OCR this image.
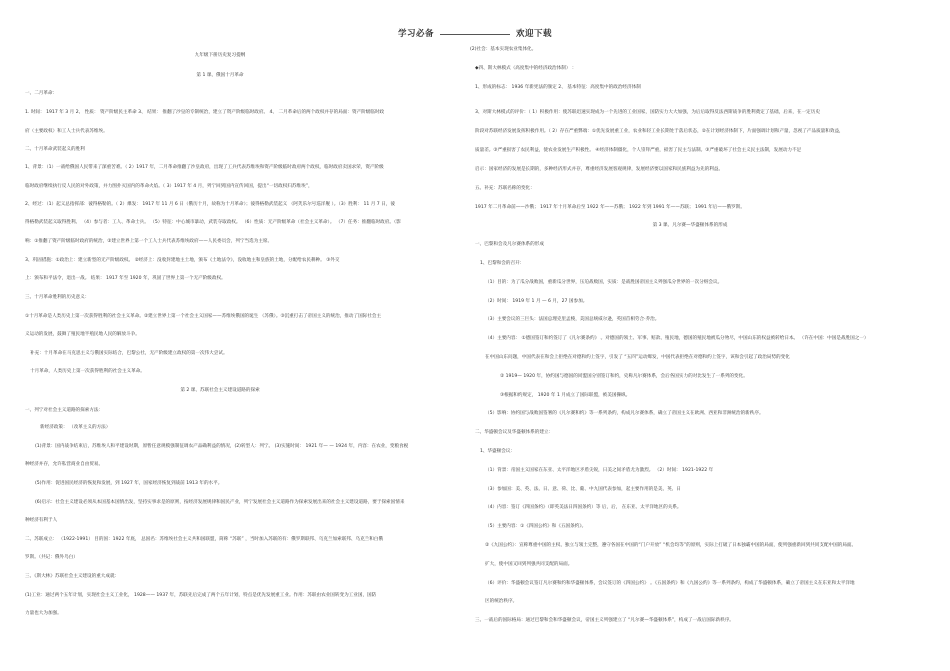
学习必备	欢迎下载
九年级下册历史复习提纲
第 1 课、俄国十月革命
一、二月革命：
1. 时间： 1917 年 3 月 2、 性质： 资产阶级民主革命 3、 结果： 推翻了沙皇的专制统治，建立了资产阶级临时政府。 4、 二月革命后的两个政权并存的局面：资产阶级临时政
府（主要政权）和工人士兵代表苏维埃。
二、十月革命武装起义的胜利
1、背景：（1）一战给俄国人民带来了深重苦难。（ 2）1917 年，二月革命推翻了沙皇政府，出现了工兵代表苏维埃和资产阶级临时政府两个政权，临时政府卖国求荣，资产阶级
临时政府继续执行反人民的对外政策，并力图扑灭国内的革命火焰。（ 3）1917 年 4 月，列宁回到国内宣传回国，提出“一切政权归苏维埃”，
2、经过：（1）起义总指挥部：彼得格勒的。（ 2）爆发： 1917 年 11 月 6 日（俄历十月，故称为十月革命）；彼得格勒武装起义 （阿芙乐尔号巡洋舰 ）。（3）胜利： 11 月 7 日，彼
得格勒武装起义取得胜利。 （4）参与者：工人、革命士兵。 （5）特征：中心城市暴动，武装夺取政权。 （6）性质：无产阶级革命（社会主义革命）。 （7）任务：推翻临时政府。（影
响：①推翻了资产阶级临时政府的统治，②建立世界上第一个工人士兵代表苏维埃政府——人民委员会，列宁当选为主席。
3、巩固措施：①政治上：建立新型的无产阶级政权。 ②经济上：没收封建地主土地，颁布《土地法令》，没收地主和皇族的土地，分配给农民耕种。 ③外交
上：颁布和平法令，退出一战。 结果： 1917 年至 1920 年，巩固了世界上第一个无产阶级政权。
三、十月革命胜利的历史意义：
①十月革命是人类历史上第一次获得胜利的社会主义革命。②建立世界上第一个社会主义国家——苏维埃俄国的诞生 （苏俄）。③沉重打击了帝国主义的统治，推动了国际社会主
义运动的发展，鼓舞了殖民地半殖民地人民的解放斗争。
补充：十月革命在马克思主义与俄国实际结合，巴黎公社，无产阶级建立政权的第一次伟大尝试。
十月革命，人类历史上第一次获得胜利的社会主义革命。
第 2 课、苏联社会主义建设道路的探索
一、列宁对社会主义道路的探索方法：
新经济政策： （改革主义的方法）
(1)背景：国内战争结束后，苏维埃人和平建设时期，原暂任意规模强制征调农产品确利益的情况，(2)转型人：列宁。 (3)实施时间： 1921 年— — 1924 年，内容：在农业，变粮食税
种经济并存，允许私营商业自由贸易。
(5)作用：促进国民经济的恢复和发展，到 1927 年，国家经济恢复到战前 1913 年的水平。
(6)启示：社会主义建设必须从本国基本国情出发，坚持实事求是的原则，按经济发展规律和国民产业，列宁发展社会主义道路作为探索发展出来的社会主义建设道路，要于探索国情来
种经济有利于人
二、苏联成立： （1922-1991） 目的国：1922 年底， 总国名：苏维埃社会主义共和国联盟，简称 “苏联” ，当时加入苏联的有：俄罗斯联邦、乌克兰加索联邦、乌克兰和白俄
罗斯。（共记：俄外乌白）
三、《斯大林》苏联社会主义建设的重大成就：
(1)工业：通过两个五年计划，实现社会主义工业化， 1928—— 1937 年，苏联先后完成了两个五年计划，特点是优先发展重工业。作用：苏联由农业国转变为工业国，国防
力量也大为加强。
(2)社会：基本实现农业集体化。
◆四、斯大林模式（高度集中的经济政治体制） ：
1、形成的标志： 1936 年新宪法的颁定 2、 基本特征：高度集中的政治经济体制
3、对斯大林模式的评价：（ 1）积极作用：使苏联迅速实现成为一个先进的工业国家，国防实力大大加强，为后后取得反法西斯战争的胜利奠定了基础，后来，在一定历史
阶段对苏联经济发展发挥积极作用。（ 2）存在严重弊端：①优先发展重工业，农业和轻工业长期处于落后状态，②在计划经济体制下，片面强调计划和产量，忽视了产品质量和效益，
质量差。③严重损害了农民利益，使农业发展生产积极性。 ④经济体制僵化，个人崇拜严重，损害了民主与法制。③严重破坏了社会主义民主法制，发展动力不足
启示：国家经济的发展是长期的，多种经济形式并存，尊重经济发展客观规律，发展经济要以国家和民族利益为先的利益。
五、补充：苏联名称的变化：
1917 年二月革命前——沙俄； 1917 年十月革命后至 1922 年——苏俄； 1922 年到 1991 年——苏联； 1991 年后——俄罗斯。
第 3 课、凡尔赛—华盛顿体系的形成
一、巴黎和会及凡尔赛体系的形成
1、巴黎和会的召开：
（1）目的：为了瓜分战败国，重新瓜分世界，压迫战败国，实质：是战胜国帝国主义列强瓜分世界的一次分赃会议。
（2）时间： 1919 年 1 月 — 6 月，27 国参加。
（3）主要会议的三巨头：法国总理克里孟梭，美国总统威尔逊，英国首相劳合·乔治。
（4）主要内容： ①德国签订和约签订了《凡尔赛条约》 。对德国的领土、军事、赔款、殖民地，德国的殖民地被瓜分殆尽，中国山东的权益被转给日本。 （许在中国：中国是战胜国之一）
在中国山东问题，中国代表在和会上拒绝在对德和约上签字，引发了 “五四”运动爆发，中国代表拒绝在对德和约上签字，该和会引起了政治局势的变化
② 1919— 1920 年，协约国与德国的同盟国分别签订和约，史称凡尔赛体系，会后各国实力的对比发生了一系列的变化。
③根据和约规定， 1920 年 1 月成立了国际联盟，被美国操纵。
（5）影响：协约国与战败国签署的《凡尔赛和约》等一系列条约，构成凡尔赛体系，确立了帝国主义在欧洲、西亚和非洲统治的新秩序。
二、华盛顿会议及华盛顿体系的建立：
1、华盛顿会议：
（1）背景：帝国主义国家在东亚、太平洋地区矛盾尖锐，日美之间矛盾尤为激烈。 （2）时间： 1921-1922 年
（3）参加国：美、英、法、日、意、荷、比、葡、中九国代表参加，起主要作用的是美、英、日
（4）内容：签订《四国条约》（即英美法日四国条约）等 后，后， 在东亚、太平洋地区的关系。
（5）主要内容：①《四国公约》和《五国条约》。
②《九国公约》：宣称尊重中国的主权、独立与领土完整，遵守各国在中国的“门户开放” “机会均等”的原则，实际上打破了日本独霸中国的局面，使列强重新回到共同支配中国的局面。
扩大，使中国又回到列强共同支配的局面。
（6）评价：华盛顿会议签订凡尔赛和约和华盛顿体系，会议签订的《四国公约》 。《五国条约》和《九国公约》等一系列条约，构成了华盛顿体系，确立了帝国主义在东亚和太平洋地
区的统治秩序。
三、一战后的国际格局：通过巴黎和会和华盛顿会议，帝国主义列强建立了 “凡尔赛—华盛顿体系”，构成了一战后国际新秩序。
